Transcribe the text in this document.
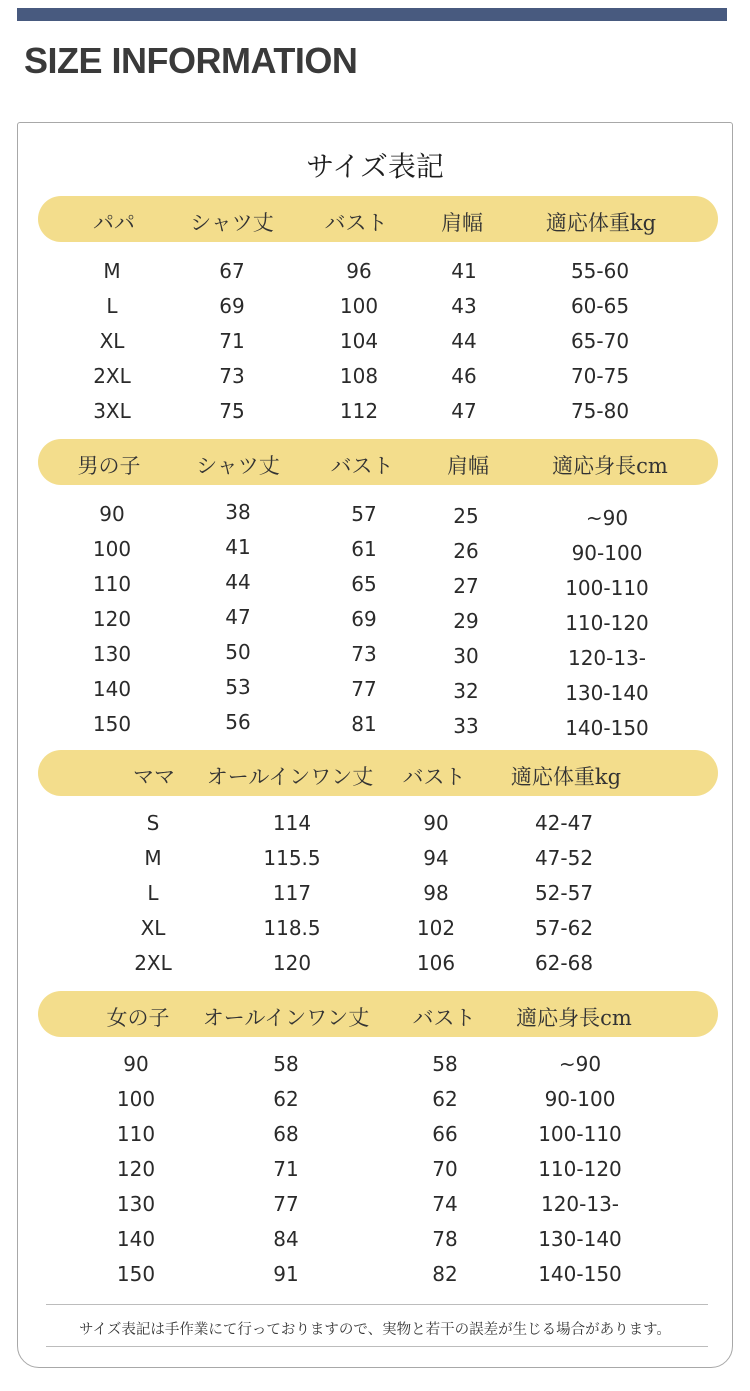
SIZE INFORMATION
サイズ表記
パパ	シャツ丈 バスト	肩幅	適応体重kg
M	67	96	41	55-60
L	69	100	43	60-65
XL	71	104	44	65-70
2XL	73	108	46	70-75
3XL	75	112	47	75-80
男の子	シャツ丈 バスト	肩幅	適応身長cm
90	38	57	25	~90
100	41	61	26	90-100
110	44	65	27	100-110
120	47	69	29	110-120
130	50	73	30	120-13-
140	53	77	32	130-140
150	56	81	33	140-150
ママ オールインワン丈 バスト 適応体重kg
S	114	90	42-47
M	115.5	94	47-52
L	117	98	52-57
XL	118.5	102	57-62
2XL	120	106	62-68
女の子 オールインワン丈 バスト 適応身長cm
90	58	58	~90
100	62	62	90-100
110	68	66	100-110
120	71	70	110-120
130	77	74	120-13-
140	84	78	130-140
150	91	82	140-150
サイズ表記は手作業にて行っておりますので、実物と若干の誤差が生じる場合があります。
